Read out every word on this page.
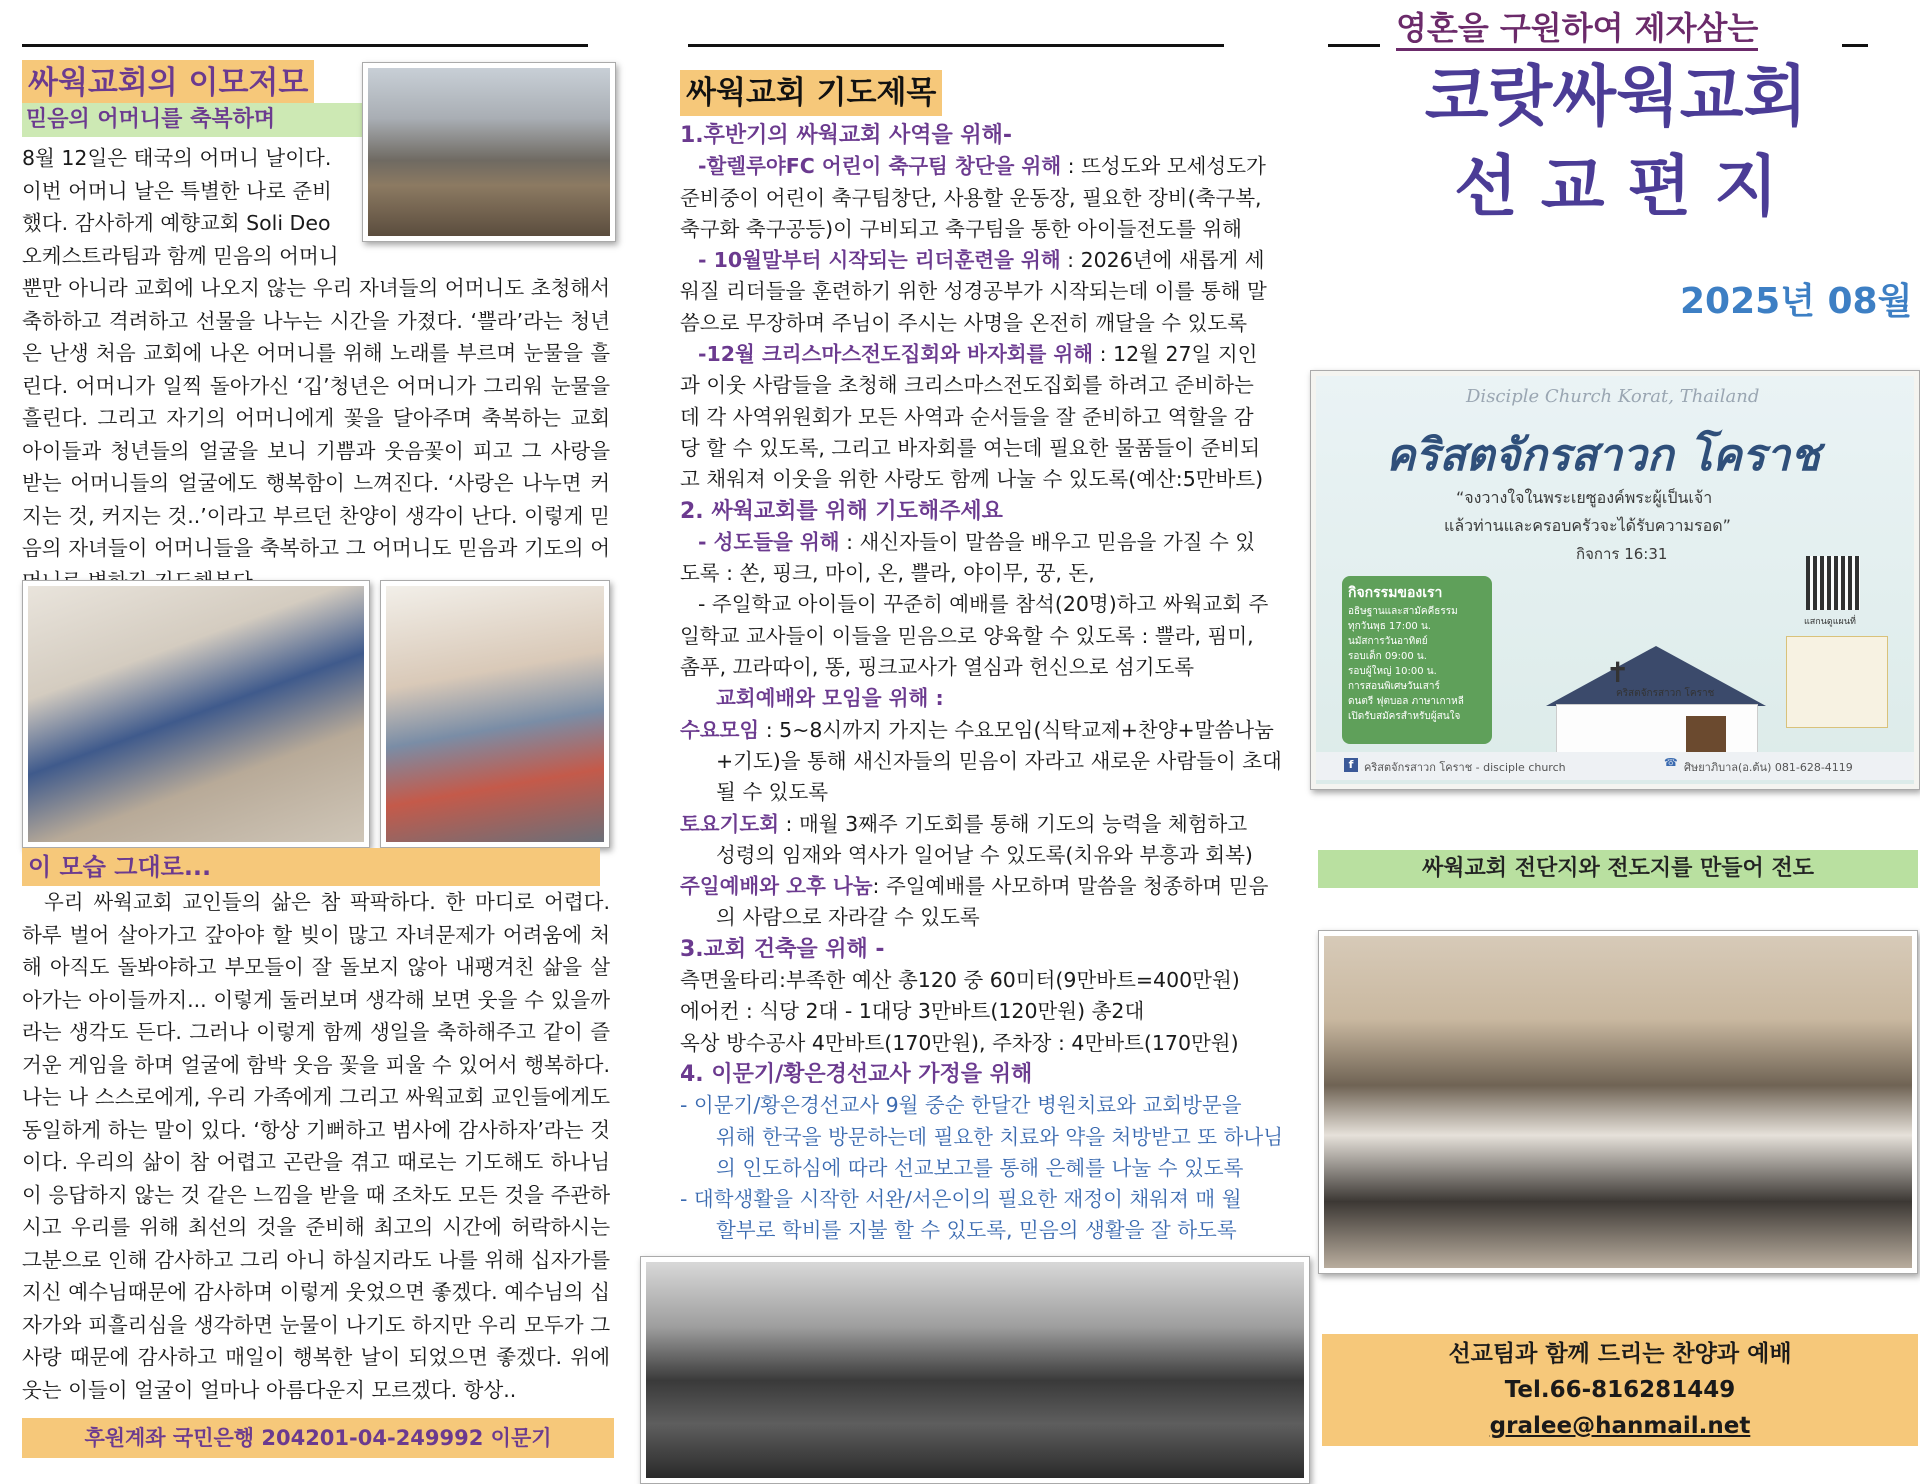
싸웍교회의 이모저모
믿음의 어머니를 축복하며

8월 12일은 태국의 어머니 날이다.

이번 어머니 날은 특별한 나로 준비

했다. 감사하게 예향교회 Soli Deo

오케스트라팀과 함께 믿음의 어머니

뿐만 아니라 교회에 나오지 않는 우리 자녀들의 어머니도 초청해서 축하하고 격려하고 선물을 나누는 시간을 가졌다. ‘쁠라’라는 청년은 난생 처음 교회에 나온 어머니를 위해 노래를 부르며 눈물을 흘린다. 어머니가 일찍 돌아가신 ‘깁’청년은 어머니가 그리워 눈물을 흘린다. 그리고 자기의 어머니에게 꽃을 달아주며 축복하는 교회 아이들과 청년들의 얼굴을 보니 기쁨과 웃음꽃이 피고 그 사랑을 받는 어머니들의 얼굴에도 행복함이 느껴진다. ‘사랑은 나누면 커지는 것, 커지는 것..’이라고 부르던 찬양이 생각이 난다. 이렇게 믿음의 자녀들이 어머니들을 축복하고 그 어머니도 믿음과 기도의 어
이 모습 그대로...
우리 싸웍교회 교인들의 삶은 참 팍팍하다. 한 마디로 어렵다. 하루 벌어 살아가고 갚아야 할 빚이 많고 자녀문제가 어려움에 처해 아직도 돌봐야하고 부모들이 잘 돌보지 않아 내팽겨친 삶을 살아가는 아이들까지... 이렇게 둘러보며 생각해 보면 웃을 수 있을까라는 생각도 든다. 그러나 이렇게 함께 생일을 축하해주고 같이 즐거운 게임을 하며 얼굴에 함박 웃음 꽃을 피울 수 있어서 행복하다. 나는 나 스스로에게, 우리 가족에게 그리고 싸웍교회 교인들에게도 동일하게 하는 말이 있다. ‘항상 기뻐하고 범사에 감사하자’라는 것이다. 우리의 삶이 참 어렵고 곤란을 겪고 때로는 기도해도 하나님이 응답하지 않는 것 같은 느낌을 받을 때 조차도 모든 것을 주관하시고 우리를 위해 최선의 것을 준비해 최고의 시간에 허락하시는 그분으로 인해 감사하고 그리 아니 하실지라도 나를 위해 십자가를 지신 예수님때문에 감사하며 이렇게 웃었으면 좋겠다. 예수님의 십자가와 피흘리심을 생각하면 눈물이 나기도 하지만 우리 모두가 그 사랑 때문에 감사하고 매일이 행복한 날이 되었으면 좋겠다. 위에 웃는 이들이 얼굴이 얼마나 아름다운지 모르겠다. 항상..
후원계좌 국민은행 204201-04-249992 이문기
싸웍교회 기도제목
1.후반기의 싸웍교회 사역을 위해-
-할렐루야FC 어린이 축구팀 창단을 위해 : 뜨성도와 모세성도가
준비중이 어린이 축구팀창단, 사용할 운동장, 필요한 장비(축구복,
축구화 축구공등)이 구비되고 축구팀을 통한 아이들전도를 위해
- 10월말부터 시작되는 리더훈련을 위해 : 2026년에 새롭게 세
워질 리더들을 훈련하기 위한 성경공부가 시작되는데 이를 통해 말
씀으로 무장하며 주님이 주시는 사명을 온전히 깨달을 수 있도록
-12월 크리스마스전도집회와 바자회를 위해 : 12월 27일 지인
과 이웃 사람들을 초청해 크리스마스전도집회를 하려고 준비하는
데 각 사역위원회가 모든 사역과 순서들을 잘 준비하고 역할을 감
당 할 수 있도록, 그리고 바자회를 여는데 필요한 물품들이 준비되
고 채워져 이웃을 위한 사랑도 함께 나눌 수 있도록(예산:5만바트)
2. 싸웍교회를 위해 기도해주세요
- 성도들을 위해 : 새신자들이 말씀을 배우고 믿음을 가질 수 있
도록 : 쏜, 핑크, 마이, 온, 쁠라, 야이무, 꿍, 돈,
- 주일학교 아이들이 꾸준히 예배를 참석(20명)하고 싸웍교회 주
일학교 교사들이 이들을 믿음으로 양육할 수 있도록 : 쁠라, 핌미,
촘푸, 끄라따이, 똥, 핑크교사가 열심과 헌신으로 섬기도록
교회예배와 모임을 위해 :
수요모임 : 5~8시까지 가지는 수요모임(식탁교제+찬양+말씀나눔
+기도)을 통해 새신자들의 믿음이 자라고 새로운 사람들이 초대
될 수 있도록
토요기도회 : 매월 3째주 기도회를 통해 기도의 능력을 체험하고
성령의 임재와 역사가 일어날 수 있도록(치유와 부흥과 회복)
주일예배와 오후 나눔: 주일예배를 사모하며 말씀을 청종하며 믿음
의 사람으로 자라갈 수 있도록
3.교회 건축을 위해 -
측면울타리:부족한 예산 총120 중 60미터(9만바트=400만원)
에어컨 : 식당 2대 - 1대당 3만바트(120만원) 총2대
옥상 방수공사 4만바트(170만원), 주차장 : 4만바트(170만원)
4. 이문기/황은경선교사 가정을 위해
- 이문기/황은경선교사 9월 중순 한달간 병원치료와 교회방문을
위해 한국을 방문하는데 필요한 치료와 약을 처방받고 또 하나님
의 인도하심에 따라 선교보고를 통해 은혜를 나눌 수 있도록
- 대학생활을 시작한 서완/서은이의 필요한 재정이 채워져 매 월
할부로 학비를 지불 할 수 있도록, 믿음의 생활을 잘 하도록
영혼을 구원하여 제자삼는
코랏싸웍교회
선 교 편 지
2025년 08월
Disciple Church Korat, Thailand
คริสตจักรสาวก โคราช
“จงวางใจในพระเยซูองค์พระผู้เป็นเจ้า
แล้วท่านและครอบครัวจะได้รับความรอด”
กิจการ 16:31
กิจกรรมของเรา
อธิษฐานและสามัคคีธรรม
ทุกวันพุธ 17:00 น.
นมัสการวันอาทิตย์
รอบเด็ก 09:00 น.
รอบผู้ใหญ่ 10:00 น.
การสอนพิเศษวันเสาร์
ดนตรี ฟุตบอล ภาษาเกาหลี
เปิดรับสมัครสำหรับผู้สนใจ
✝
คริสตจักรสาวก โคราช
แสกนดูแผนที่
f คริสตจักรสาวก โคราช - disciple church	☎ ศิษยาภิบาล(อ.ต้น) 081-628-4119
싸웍교회 전단지와 전도지를 만들어 전도
선교팀과 함께 드리는 찬양과 예배
Tel.66-816281449
gralee@hanmail.net
